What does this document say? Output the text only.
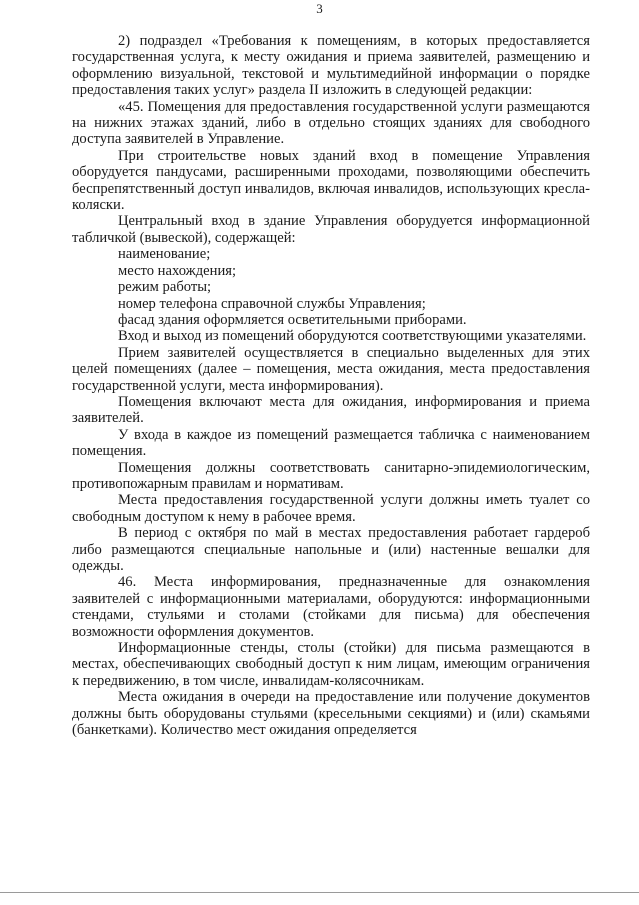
3

2) подраздел «Требования к помещениям, в которых предоставляется государственная услуга, к месту ожидания и приема заявителей, размещению и оформлению визуальной, текстовой и мультимедийной информации о порядке предоставления таких услуг» раздела II изложить в следующей редакции:

«45. Помещения для предоставления государственной услуги размещаются на нижних этажах зданий, либо в отдельно стоящих зданиях для свободного доступа заявителей в Управление.

При строительстве новых зданий вход в помещение Управления оборудуется пандусами, расширенными проходами, позволяющими обеспечить беспрепятственный доступ инвалидов, включая инвалидов, использующих кресла-коляски.

Центральный вход в здание Управления оборудуется информационной табличкой (вывеской), содержащей:

наименование;

место нахождения;

режим работы;

номер телефона справочной службы Управления;

фасад здания оформляется осветительными приборами.

Вход и выход из помещений оборудуются соответствующими указателями.

Прием заявителей осуществляется в специально выделенных для этих целей помещениях (далее – помещения, места ожидания, места предоставления государственной услуги, места информирования).

Помещения включают места для ожидания, информирования и приема заявителей.

У входа в каждое из помещений размещается табличка с наименованием помещения.

Помещения должны соответствовать санитарно-эпидемиологическим, противопожарным правилам и нормативам.

Места предоставления государственной услуги должны иметь туалет со свободным доступом к нему в рабочее время.

В период с октября по май в местах предоставления работает гардероб либо размещаются специальные напольные и (или) настенные вешалки для одежды.

46. Места информирования, предназначенные для ознакомления заявителей с информационными материалами, оборудуются: информационными стендами, стульями и столами (стойками для письма) для обеспечения возможности оформления документов.

Информационные стенды, столы (стойки) для письма размещаются в местах, обеспечивающих свободный доступ к ним лицам, имеющим ограничения к передвижению, в том числе, инвалидам-колясочникам.

Места ожидания в очереди на предоставление или получение документов должны быть оборудованы стульями (кресельными секциями) и (или) скамьями (банкетками). Количество мест ожидания определяется
